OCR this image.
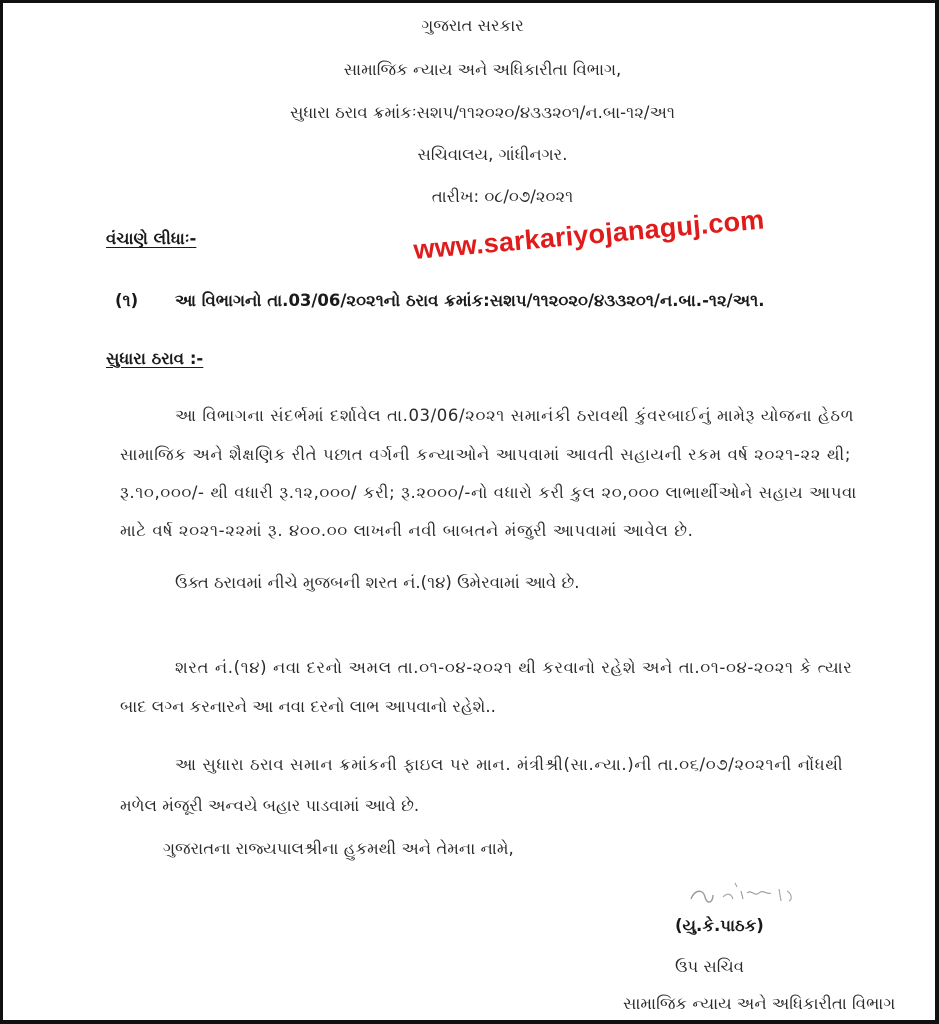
ગુજરાત સરકાર
સામાજિક ન્યાય અને અધિકારીતા વિભાગ,
સુધારા ઠરાવ ક્રમાંકઃસશપ/૧૧૨૦૨૦/૪૩૩૨૦૧/ન.બા-૧૨/અ૧
સચિવાલય, ગાંધીનગર.
તારીખ: ૦૮/૦૭/૨૦૨૧
વંચાણે લીધાઃ-
(૧) આ વિભાગનો તા.03/06/૨૦૨૧નો ઠરાવ ક્રમાંક:સશપ/૧૧૨૦૨૦/૪૩૩૨૦૧/ન.બા.-૧૨/અ૧.
www.sarkariyojanaguj.com
સુધારા ઠરાવ :-
આ વિભાગના સંદર્ભમાં દર્શાવેલ તા.03/06/૨૦૨૧ સમાનંકી ઠરાવથી કુંવરબાઈનું મામેરૂ યોજના હેઠળ
સામાજિક અને શૈક્ષણિક રીતે પછાત વર્ગની કન્યાઓને આપવામાં આવતી સહાયની રકમ વર્ષ ૨૦૨૧-૨૨ થી;
રૂ.૧૦,૦૦૦/- થી વધારી રૂ.૧૨,૦૦૦/ કરી; રૂ.૨૦૦૦/-નો વધારો કરી કુલ ૨૦,૦૦૦ લાભાર્થીઓને સહાય આપવા
માટે વર્ષ ૨૦૨૧-૨૨માં રૂ. ૪૦૦.૦૦ લાખની નવી બાબતને મંજુરી આપવામાં આવેલ છે.
ઉક્ત ઠરાવમાં નીચે મુજબની શરત નં.(૧૪) ઉમેરવામાં આવે છે.
શરત નં.(૧૪) નવા દરનો અમલ તા.૦૧-૦૪-૨૦૨૧ થી કરવાનો રહેશે અને તા.૦૧-૦૪-૨૦૨૧ કે ત્યાર
બાદ લગ્ન કરનારને આ નવા દરનો લાભ આપવાનો રહેશે..
આ સુધારા ઠરાવ સમાન ક્રમાંકની ફાઇલ પર માન. મંત્રીશ્રી(સા.ન્યા.)ની તા.૦૬/૦૭/૨૦૨૧ની નોંધથી
મળેલ મંજૂરી અન્વયે બહાર પાડવામાં આવે છે.
ગુજરાતના રાજ્યપાલશ્રીના હુકમથી અને તેમના નામે,
(યુ.કે.પાઠક)
ઉપ સચિવ
સામાજિક ન્યાય અને અધિકારીતા વિભાગ
